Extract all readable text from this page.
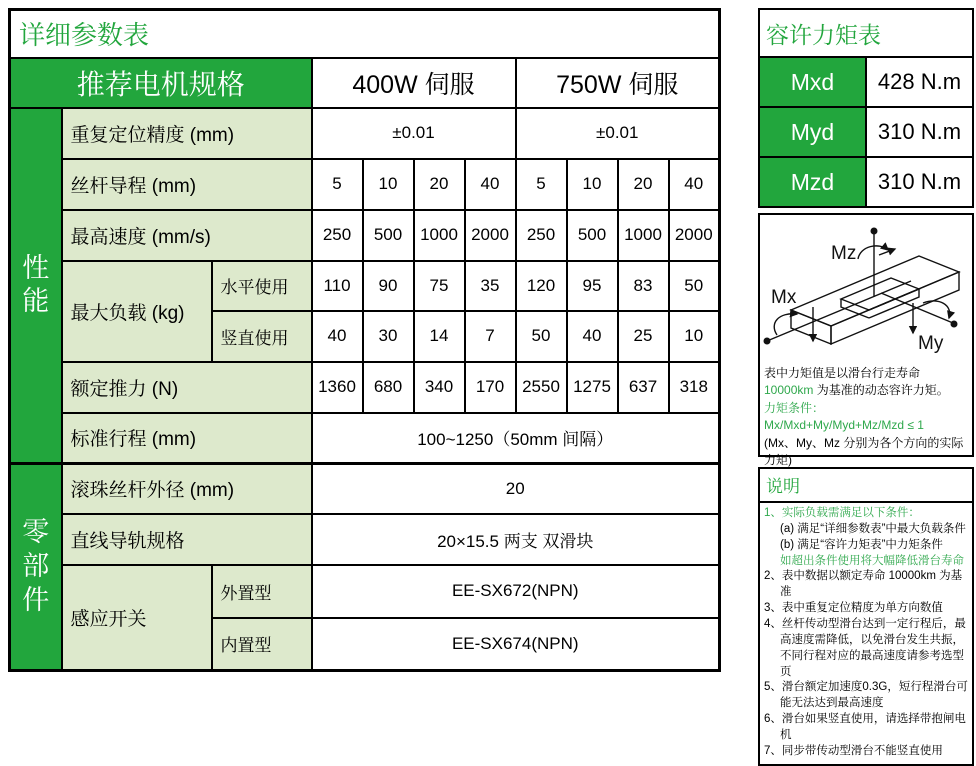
详细参数表										
推荐电机规格			400W 伺服				750W 伺服			
性能	重复定位精度 (mm)		±0.01				±0.01			
	丝杆导程 (mm)		5	10	20	40	5	10	20	40
	最高速度 (mm/s)		250	500	1000	2000	250	500	1000	2000
	最大负载 (kg)	水平使用	110	90	75	35	120	95	83	50
		竖直使用	40	30	14	7	50	40	25	10
	额定推力 (N)		1360	680	340	170	2550	1275	637	318
	标准行程 (mm)		100~1250（50mm 间隔）							
零部件	滚珠丝杆外径 (mm)		20							
	直线导轨规格		20×15.5 两支 双滑块							
	感应开关	外置型	EE-SX672(NPN)							
		内置型	EE-SX674(NPN)							
容许力矩表	
Mxd	428 N.m
Myd	310 N.m
Mzd	310 N.m
Mx
Mz
My
表中力矩值是以滑台行走寿命 10000km 为基准的动态容许力矩。
力矩条件：
Mx/Mxd+My/Myd+Mz/Mzd ≤ 1
(Mx、My、Mz 分别为各个方向的实际力矩)
说明
1、实际负载需满足以下条件：
(a) 满足“详细参数表”中最大负载条件
(b) 满足“容许力矩表”中力矩条件
如超出条件使用将大幅降低滑台寿命
2、表中数据以额定寿命 10000km 为基准
3、表中重复定位精度为单方向数值
4、丝杆传动型滑台达到一定行程后，最高速度需降低，以免滑台发生共振，不同行程对应的最高速度请参考选型页
5、滑台额定加速度0.3G，短行程滑台可能无法达到最高速度
6、滑台如果竖直使用，请选择带抱闸电机
7、同步带传动型滑台不能竖直使用
